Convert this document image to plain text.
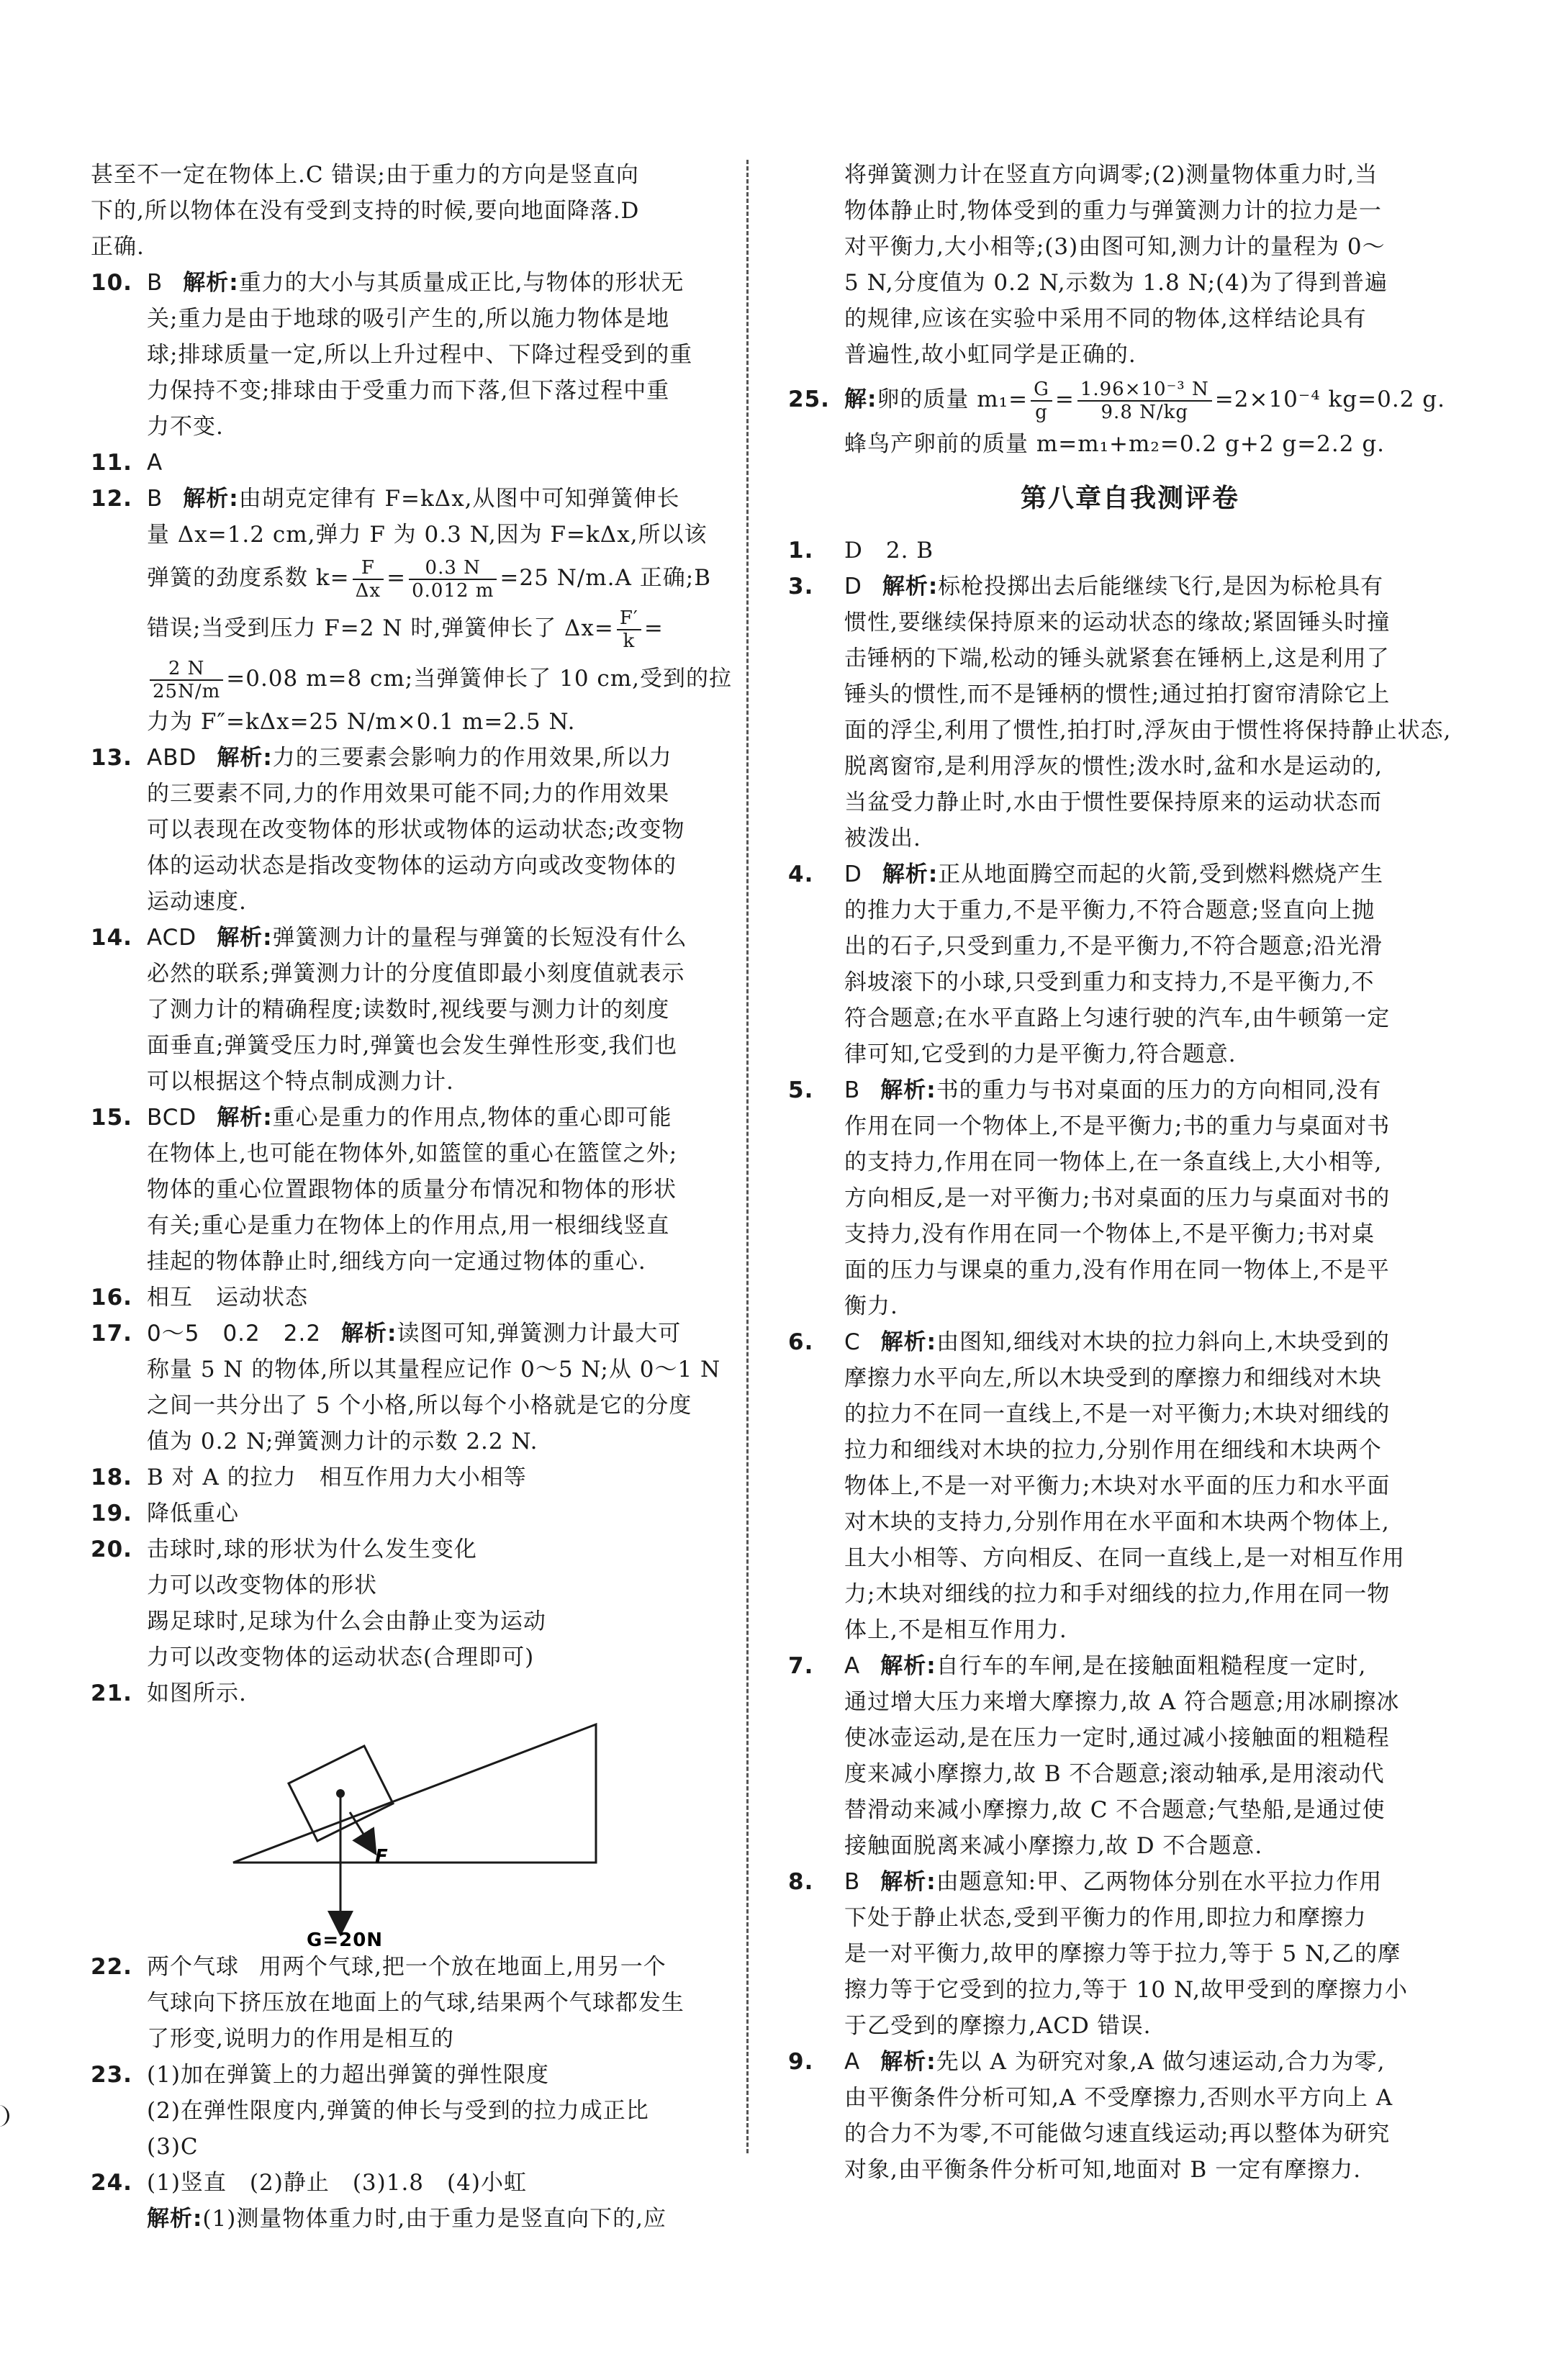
甚至不一定在物体上.C 错误;由于重力的方向是竖直向
下的,所以物体在没有受到支持的时候,要向地面降落.D
正确.
10. B 解析:重力的大小与其质量成正比,与物体的形状无
关;重力是由于地球的吸引产生的,所以施力物体是地
球;排球质量一定,所以上升过程中、下降过程受到的重
力保持不变;排球由于受重力而下落,但下落过程中重
力不变.
11. A
12. B 解析:由胡克定律有 F=kΔx,从图中可知弹簧伸长
量 Δx=1.2 cm,弹力 F 为 0.3 N,因为 F=kΔx,所以该
弹簧的劲度系数 $k= \frac{F}{\Delta x} = \frac{0.3 N}{0.012 m} =25$ N/m.A 正确;B
错误;当受到压力 F=2 N 时,弹簧伸长了 $\Delta x= \frac{F'}{k}$ =
$\frac{2 N}{25N/m} =0.08$ m=8 cm;当弹簧伸长了 10 cm,受到的拉
力为 F″=kΔx=25 N/m×0.1 m=2.5 N.
13. ABD 解析:力的三要素会影响力的作用效果,所以力
的三要素不同,力的作用效果可能不同;力的作用效果
可以表现在改变物体的形状或物体的运动状态;改变物
体的运动状态是指改变物体的运动方向或改变物体的
运动速度.
14. ACD 解析:弹簧测力计的量程与弹簧的长短没有什么
必然的联系;弹簧测力计的分度值即最小刻度值就表示
了测力计的精确程度;读数时,视线要与测力计的刻度
面垂直;弹簧受压力时,弹簧也会发生弹性形变,我们也
可以根据这个特点制成测力计.
15. BCD 解析:重心是重力的作用点,物体的重心即可能
在物体上,也可能在物体外,如篮筐的重心在篮筐之外;
物体的重心位置跟物体的质量分布情况和物体的形状
有关;重心是重力在物体上的作用点,用一根细线竖直
挂起的物体静止时,细线方向一定通过物体的重心.
16. 相互　运动状态
17. 0～5　0.2　2.2 解析:读图可知,弹簧测力计最大可
称量 5 N 的物体,所以其量程应记作 0～5 N;从 0～1 N
之间一共分出了 5 个小格,所以每个小格就是它的分度
值为 0.2 N;弹簧测力计的示数 2.2 N.
18. B 对 A 的拉力　相互作用力大小相等
19. 降低重心
20. 击球时,球的形状为什么发生变化
力可以改变物体的形状
踢足球时,足球为什么会由静止变为运动
力可以改变物体的运动状态(合理即可)
21. 如图所示.
F
G=20N
22. 两个气球 用两个气球,把一个放在地面上,用另一个
气球向下挤压放在地面上的气球,结果两个气球都发生
了形变,说明力的作用是相互的
23. (1)加在弹簧上的力超出弹簧的弹性限度
(2)在弹性限度内,弹簧的伸长与受到的拉力成正比
(3)C
24. (1)竖直　(2)静止　(3)1.8　(4)小虹
解析:(1)测量物体重力时,由于重力是竖直向下的,应
将弹簧测力计在竖直方向调零;(2)测量物体重力时,当
物体静止时,物体受到的重力与弹簧测力计的拉力是一
对平衡力,大小相等;(3)由图可知,测力计的量程为 0～
5 N,分度值为 0.2 N,示数为 1.8 N;(4)为了得到普遍
的规律,应该在实验中采用不同的物体,这样结论具有
普遍性,故小虹同学是正确的.
25. 解:卵的质量 $m_1= \frac{G}{g} = \frac{\text{1.96×10⁻³ N}}{9.8 N/kg} =2\times 10^{-4}$ kg=0.2 g.
蜂鸟产卵前的质量 m=m₁+m₂=0.2 g+2 g=2.2 g.
第八章自我测评卷
1. D　2. B
3. D 解析:标枪投掷出去后能继续飞行,是因为标枪具有
惯性,要继续保持原来的运动状态的缘故;紧固锤头时撞
击锤柄的下端,松动的锤头就紧套在锤柄上,这是利用了
锤头的惯性,而不是锤柄的惯性;通过拍打窗帘清除它上
面的浮尘,利用了惯性,拍打时,浮灰由于惯性将保持静止状态,
脱离窗帘,是利用浮灰的惯性;泼水时,盆和水是运动的,
当盆受力静止时,水由于惯性要保持原来的运动状态而
被泼出.
4. D 解析:正从地面腾空而起的火箭,受到燃料燃烧产生
的推力大于重力,不是平衡力,不符合题意;竖直向上抛
出的石子,只受到重力,不是平衡力,不符合题意;沿光滑
斜坡滚下的小球,只受到重力和支持力,不是平衡力,不
符合题意;在水平直路上匀速行驶的汽车,由牛顿第一定
律可知,它受到的力是平衡力,符合题意.
5. B 解析:书的重力与书对桌面的压力的方向相同,没有
作用在同一个物体上,不是平衡力;书的重力与桌面对书
的支持力,作用在同一物体上,在一条直线上,大小相等,
方向相反,是一对平衡力;书对桌面的压力与桌面对书的
支持力,没有作用在同一个物体上,不是平衡力;书对桌
面的压力与课桌的重力,没有作用在同一物体上,不是平
衡力.
6. C 解析:由图知,细线对木块的拉力斜向上,木块受到的
摩擦力水平向左,所以木块受到的摩擦力和细线对木块
的拉力不在同一直线上,不是一对平衡力;木块对细线的
拉力和细线对木块的拉力,分别作用在细线和木块两个
物体上,不是一对平衡力;木块对水平面的压力和水平面
对木块的支持力,分别作用在水平面和木块两个物体上,
且大小相等、方向相反、在同一直线上,是一对相互作用
力;木块对细线的拉力和手对细线的拉力,作用在同一物
体上,不是相互作用力.
7. A 解析:自行车的车闸,是在接触面粗糙程度一定时,
通过增大压力来增大摩擦力,故 A 符合题意;用冰刷擦冰
使冰壶运动,是在压力一定时,通过减小接触面的粗糙程
度来减小摩擦力,故 B 不合题意;滚动轴承,是用滚动代
替滑动来减小摩擦力,故 C 不合题意;气垫船,是通过使
接触面脱离来减小摩擦力,故 D 不合题意.
8. B 解析:由题意知:甲、乙两物体分别在水平拉力作用
下处于静止状态,受到平衡力的作用,即拉力和摩擦力
是一对平衡力,故甲的摩擦力等于拉力,等于 5 N,乙的摩
擦力等于它受到的拉力,等于 10 N,故甲受到的摩擦力小
于乙受到的摩擦力,ACD 错误.
9. A 解析:先以 A 为研究对象,A 做匀速运动,合力为零,
由平衡条件分析可知,A 不受摩擦力,否则水平方向上 A
的合力不为零,不可能做匀速直线运动;再以整体为研究
对象,由平衡条件分析可知,地面对 B 一定有摩擦力.
